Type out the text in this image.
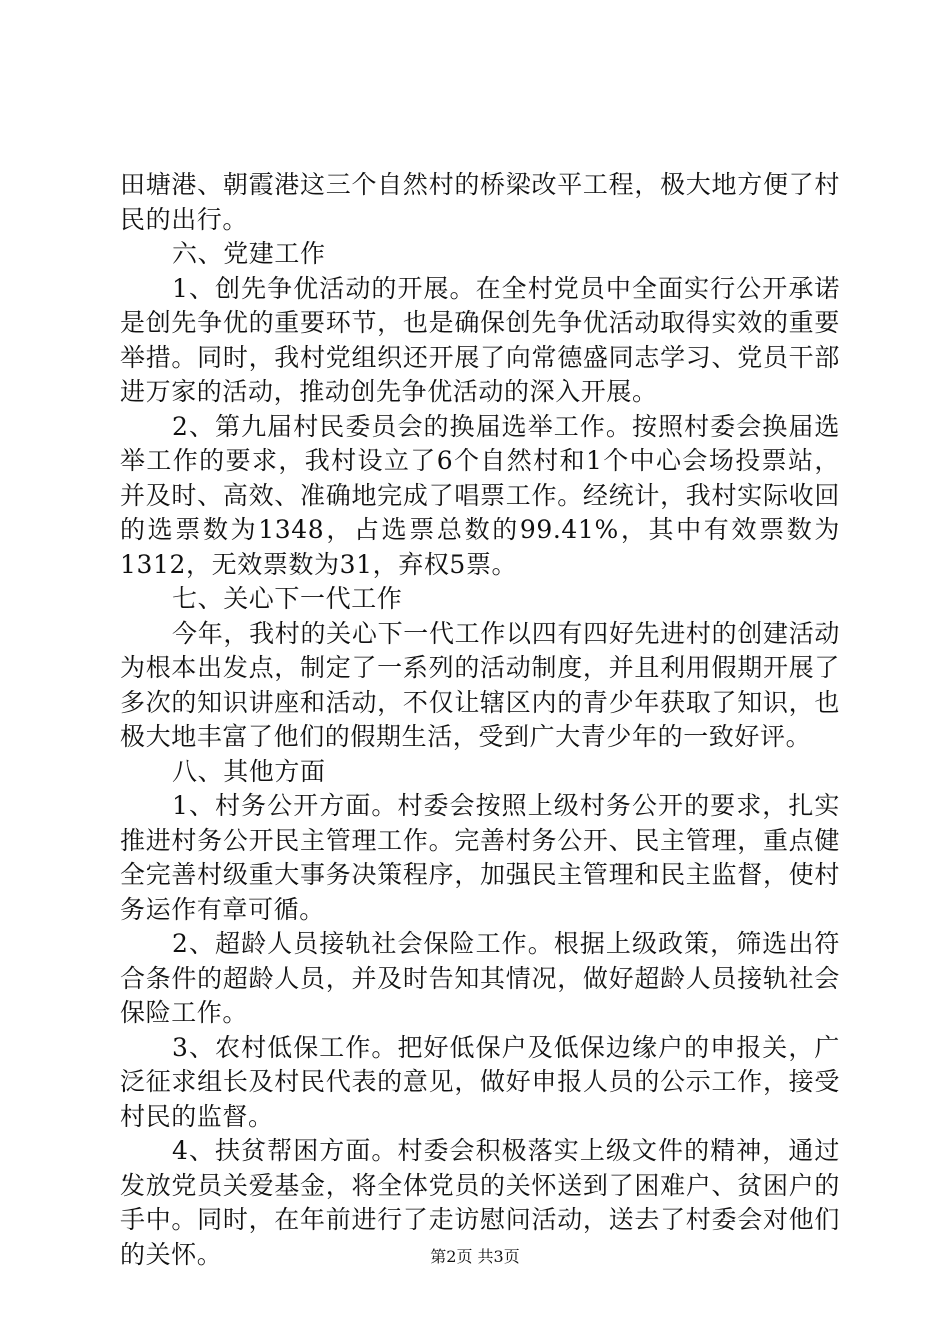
田塘港、朝霞港这三个自然村的桥梁改平工程，极大地方便了村民的出行。

六、党建工作

1、创先争优活动的开展。在全村党员中全面实行公开承诺是创先争优的重要环节，也是确保创先争优活动取得实效的重要举措。同时，我村党组织还开展了向常德盛同志学习、党员干部进万家的活动，推动创先争优活动的深入开展。

2、第九届村民委员会的换届选举工作。按照村委会换届选举工作的要求，我村设立了6个自然村和1个中心会场投票站，并及时、高效、准确地完成了唱票工作。经统计，我村实际收回的选票数为1348，占选票总数的99.41%，其中有效票数为1312，无效票数为31，弃权5票。

七、关心下一代工作

今年，我村的关心下一代工作以四有四好先进村的创建活动为根本出发点，制定了一系列的活动制度，并且利用假期开展了多次的知识讲座和活动，不仅让辖区内的青少年获取了知识，也极大地丰富了他们的假期生活，受到广大青少年的一致好评。

八、其他方面

1、村务公开方面。村委会按照上级村务公开的要求，扎实推进村务公开民主管理工作。完善村务公开、民主管理，重点健全完善村级重大事务决策程序，加强民主管理和民主监督，使村务运作有章可循。

2、超龄人员接轨社会保险工作。根据上级政策，筛选出符合条件的超龄人员，并及时告知其情况，做好超龄人员接轨社会保险工作。

3、农村低保工作。把好低保户及低保边缘户的申报关，广泛征求组长及村民代表的意见，做好申报人员的公示工作，接受村民的监督。

4、扶贫帮困方面。村委会积极落实上级文件的精神，通过发放党员关爱基金，将全体党员的关怀送到了困难户、贫困户的手中。同时，在年前进行了走访慰问活动，送去了村委会对他们的关怀。	第2页 共3页
